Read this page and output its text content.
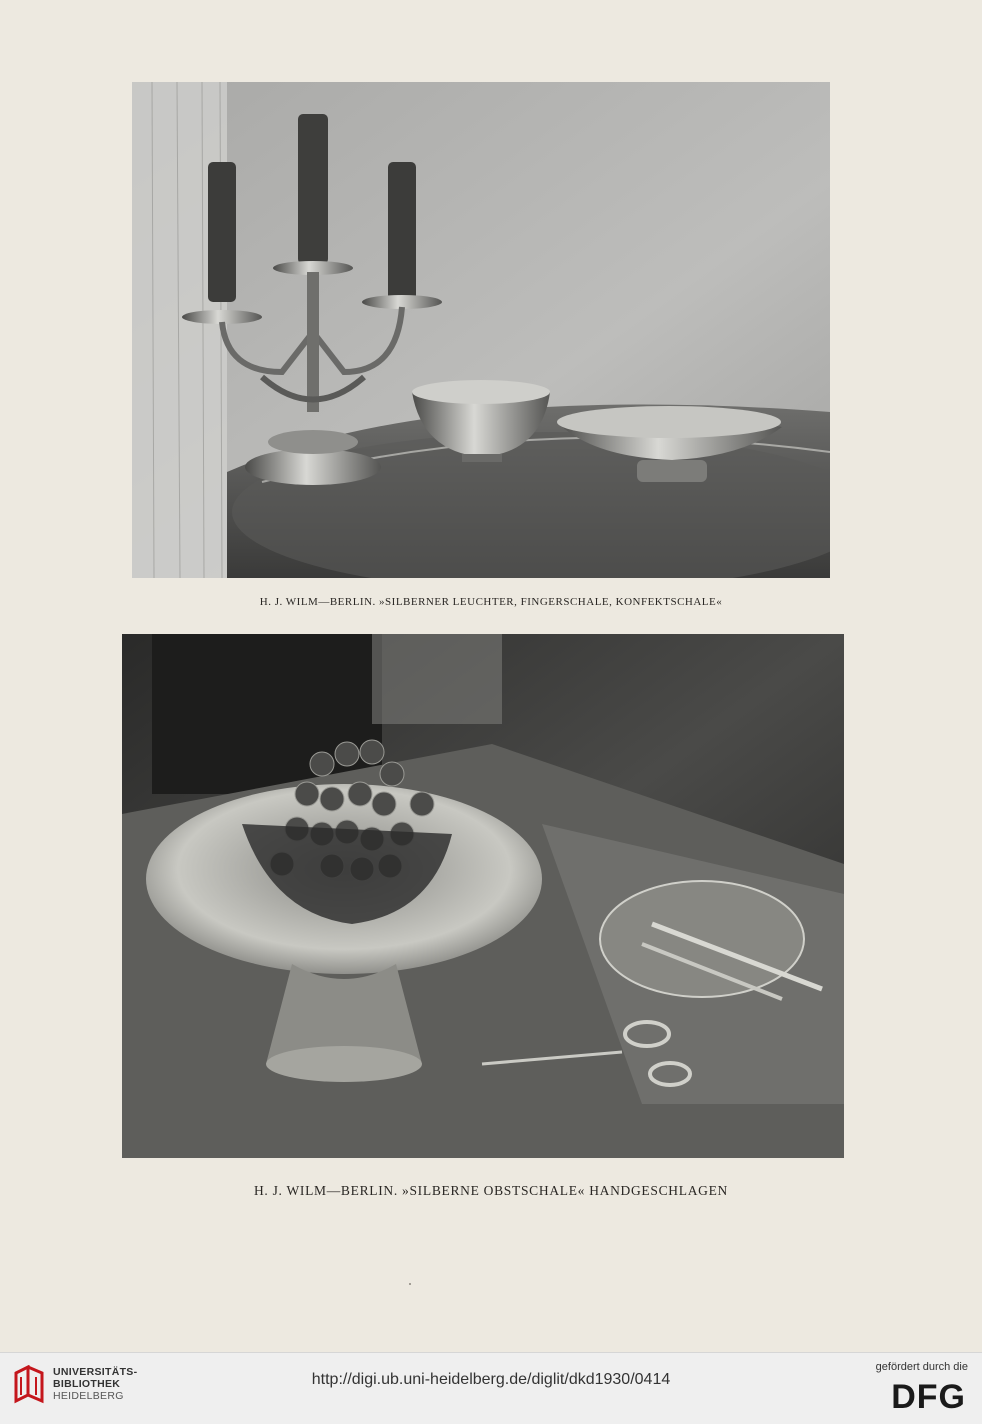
H. J. WILM—BERLIN. »SILBERNER LEUCHTER, FINGERSCHALE, KONFEKTSCHALE«
H. J. WILM—BERLIN. »SILBERNE OBSTSCHALE« HANDGESCHLAGEN
UNIVERSITÄTS-
BIBLIOTHEK
HEIDELBERG
http://digi.ub.uni-heidelberg.de/diglit/dkd1930/0414
gefördert durch die
DFG
